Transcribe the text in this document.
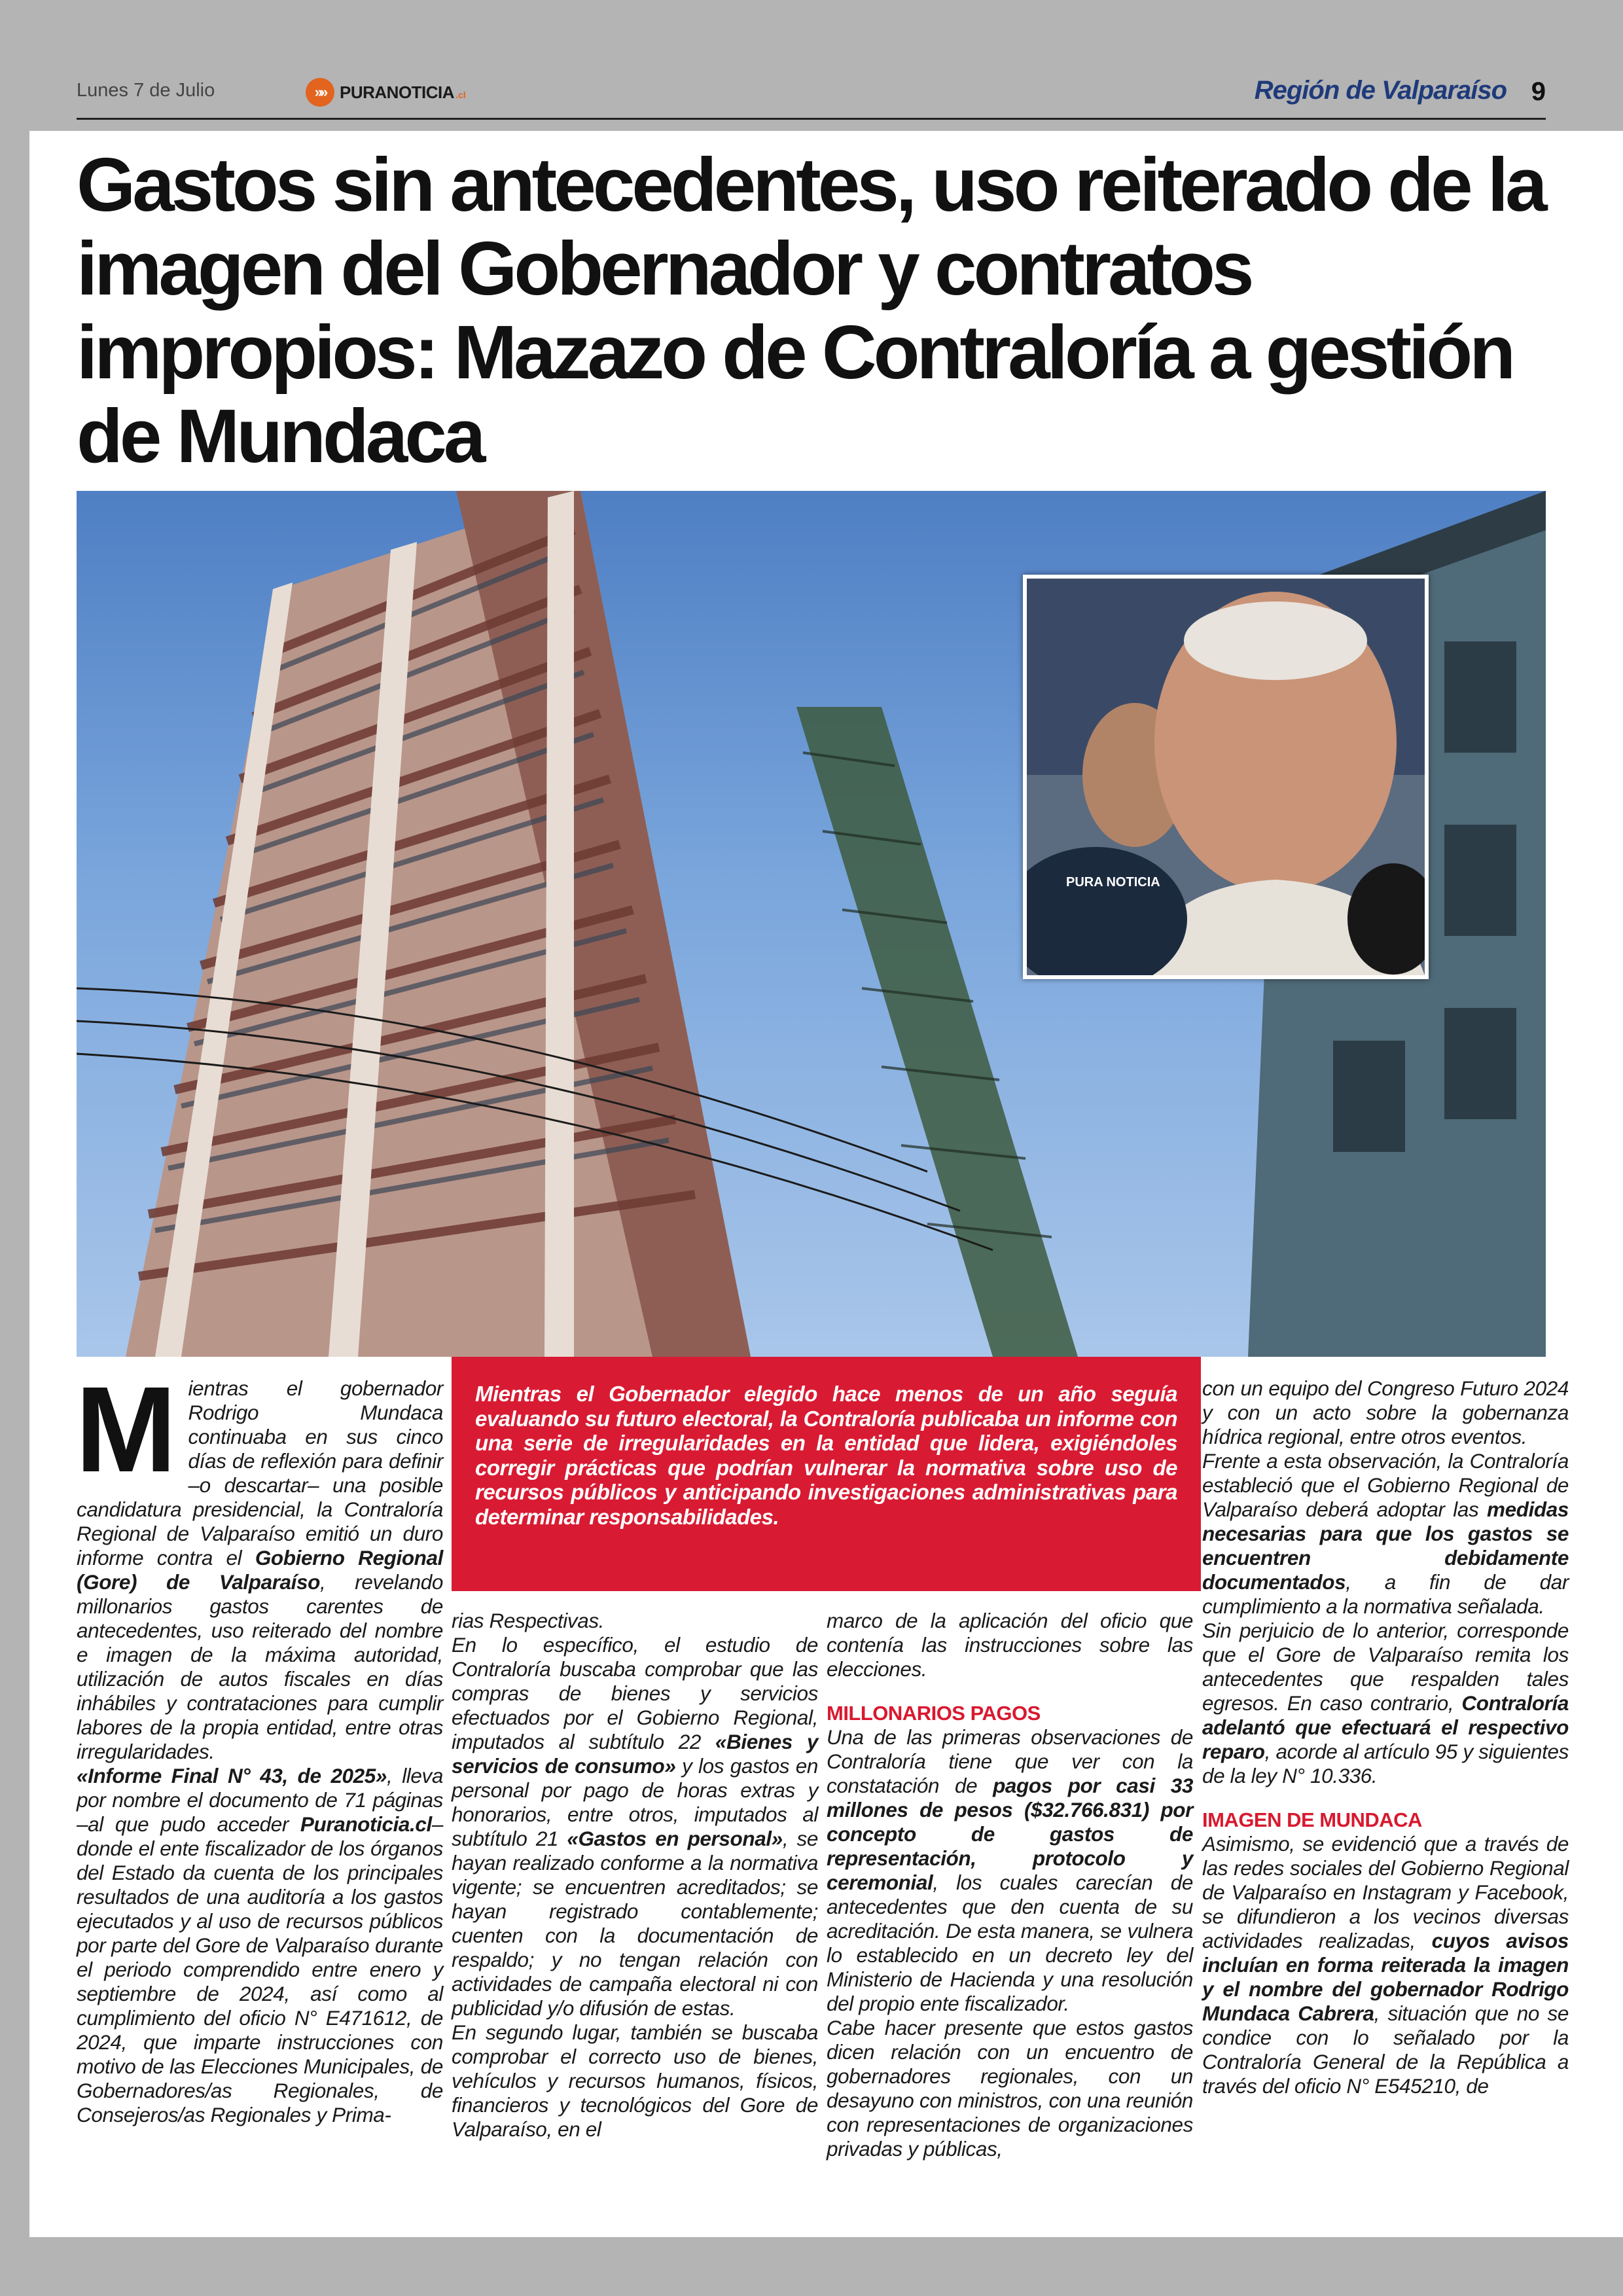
Lunes 7 de Julio	»» PURANOTICIA .cl	Región de Valparaíso 9
Gastos sin antecedentes, uso reiterado de la imagen del Gobernador y contratos impropios: Mazazo de Contraloría a gestión de Mundaca
PURA NOTICIA

M ientras el gobernador Rodrigo Mundaca continuaba en sus cinco días de reflexión para definir –o descartar– una posible candidatura presidencial, la Contraloría Regional de Valparaíso emitió un duro informe contra el Gobierno Regional (Gore) de Valparaíso, revelando millonarios gastos carentes de antecedentes, uso reiterado del nombre e imagen de la máxima autoridad, utilización de autos fiscales en días inhábiles y contrataciones para cumplir labores de la propia entidad, entre otras irregularidades.

«Informe Final N° 43, de 2025», lleva por nombre el documento de 71 páginas –al que pudo acceder Puranoticia.cl– donde el ente fiscalizador de los órganos del Estado da cuenta de los principales resultados de una auditoría a los gastos ejecutados y al uso de recursos públicos por parte del Gore de Valparaíso durante el periodo comprendido entre enero y septiembre de 2024, así como al cumplimiento del oficio N° E471612, de 2024, que imparte instrucciones con motivo de las Elecciones Municipales, de Gobernadores/as Regionales, de Consejeros/as Regionales y Prima-

Mientras el Gobernador elegido hace menos de un año seguía evaluando su futuro electoral, la Contraloría publicaba un informe con una serie de irregularidades en la entidad que lidera, exigiéndoles corregir prácticas que podrían vulnerar la normativa sobre uso de recursos públicos y anticipando investigaciones administrativas para determinar responsabilidades.

rias Respectivas.

En lo específico, el estudio de Contraloría buscaba comprobar que las compras de bienes y servicios efectuados por el Gobierno Regional, imputados al subtítulo 22 «Bienes y servicios de consumo» y los gastos en personal por pago de horas extras y honorarios, entre otros, imputados al subtítulo 21 «Gastos en personal», se hayan realizado conforme a la normativa vigente; se encuentren acreditados; se hayan registrado contablemente; cuenten con la documentación de respaldo; y no tengan relación con actividades de campaña electoral ni con publicidad y/o difusión de estas.

En segundo lugar, también se buscaba comprobar el correcto uso de bienes, vehículos y recursos humanos, físicos, financieros y tecnológicos del Gore de Valparaíso, en el

marco de la aplicación del oficio que contenía las instrucciones sobre las elecciones.

MILLONARIOS PAGOS

Una de las primeras observaciones de Contraloría tiene que ver con la constatación de pagos por casi 33 millones de pesos ($32.766.831) por concepto de gastos de representación, protocolo y ceremonial, los cuales carecían de antecedentes que den cuenta de su acreditación. De esta manera, se vulnera lo establecido en un decreto ley del Ministerio de Hacienda y una resolución del propio ente fiscalizador.

Cabe hacer presente que estos gastos dicen relación con un encuentro de gobernadores regionales, con un desayuno con ministros, con una reunión con representaciones de organizaciones privadas y públicas,

con un equipo del Congreso Futuro 2024 y con un acto sobre la gobernanza hídrica regional, entre otros eventos.

Frente a esta observación, la Contraloría estableció que el Gobierno Regional de Valparaíso deberá adoptar las medidas necesarias para que los gastos se encuentren debidamente documentados, a fin de dar cumplimiento a la normativa señalada.

Sin perjuicio de lo anterior, corresponde que el Gore de Valparaíso remita los antecedentes que respalden tales egresos. En caso contrario, Contraloría adelantó que efectuará el respectivo reparo, acorde al artículo 95 y siguientes de la ley N° 10.336.

IMAGEN DE MUNDACA

Asimismo, se evidenció que a través de las redes sociales del Gobierno Regional de Valparaíso en Instagram y Facebook, se difundieron a los vecinos diversas actividades realizadas, cuyos avisos incluían en forma reiterada la imagen y el nombre del gobernador Rodrigo Mundaca Cabrera, situación que no se condice con lo señalado por la Contraloría General de la República a través del oficio N° E545210, de
